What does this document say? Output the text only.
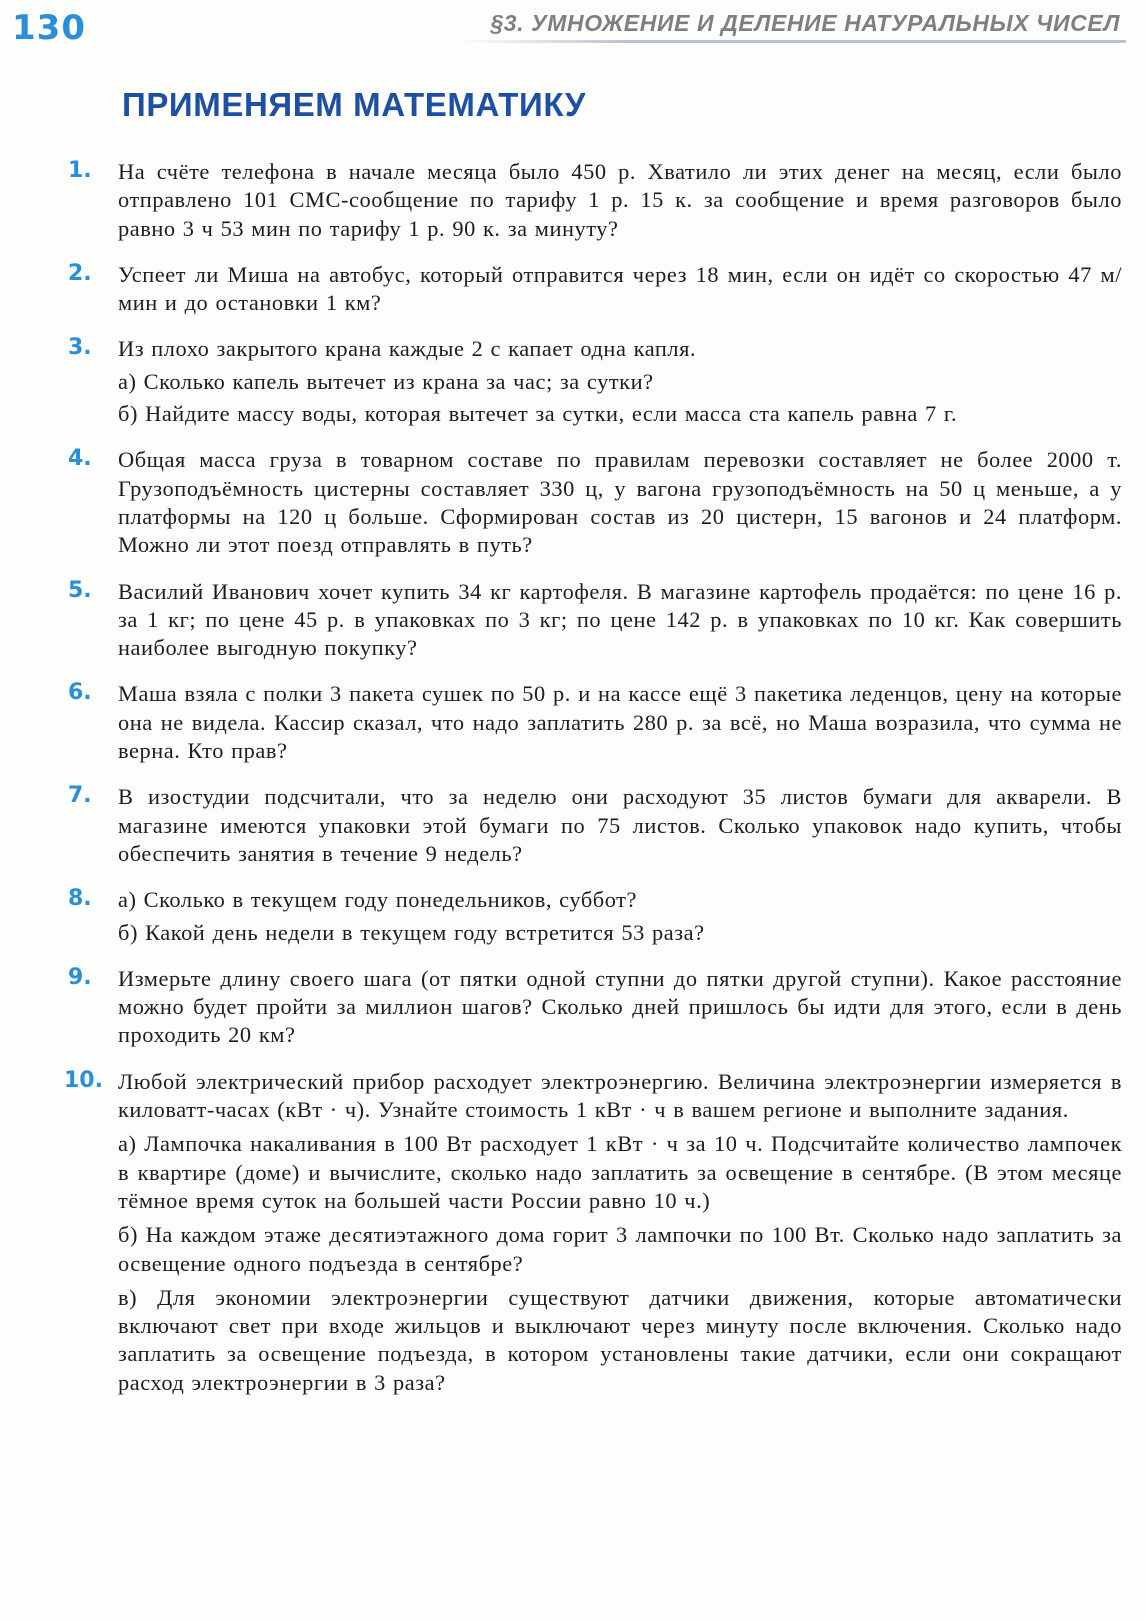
130	§3. УМНОЖЕНИЕ И ДЕЛЕНИЕ НАТУРАЛЬНЫХ ЧИСЕЛ
ПРИМЕНЯЕМ МАТЕМАТИКУ
1. На счёте телефона в начале месяца было 450 р. Хватило ли этих денег на месяц, если было отправлено 101 СМС-сообщение по тарифу 1 р. 15 к. за сообщение и время разговоров было равно 3 ч 53 мин по тарифу 1 р. 90 к. за минуту?

2. Успеет ли Миша на автобус, который отправится через 18 мин, если он идёт со скоростью 47 м/мин и до остановки 1 км?

3. Из плохо закрытого крана каждые 2 с капает одна капля.

а) Сколько капель вытечет из крана за час; за сутки?

б) Найдите массу воды, которая вытечет за сутки, если масса ста капель равна 7 г.

4. Общая масса груза в товарном составе по правилам перевозки составляет не более 2000 т. Грузоподъёмность цистерны составляет 330 ц, у вагона грузоподъёмность на 50 ц меньше, а у платформы на 120 ц больше. Сформирован состав из 20 цистерн, 15 вагонов и 24 платформ. Можно ли этот поезд отправлять в путь?

5. Василий Иванович хочет купить 34 кг картофеля. В магазине картофель продаётся: по цене 16 р. за 1 кг; по цене 45 р. в упаковках по 3 кг; по цене 142 р. в упаковках по 10 кг. Как совершить наиболее выгодную покупку?

6. Маша взяла с полки 3 пакета сушек по 50 р. и на кассе ещё 3 пакетика леденцов, цену на которые она не видела. Кассир сказал, что надо заплатить 280 р. за всё, но Маша возразила, что сумма не верна. Кто прав?

7. В изостудии подсчитали, что за неделю они расходуют 35 листов бумаги для акварели. В магазине имеются упаковки этой бумаги по 75 листов. Сколько упаковок надо купить, чтобы обеспечить занятия в течение 9 недель?

8. а) Сколько в текущем году понедельников, суббот?

б) Какой день недели в текущем году встретится 53 раза?

9. Измерьте длину своего шага (от пятки одной ступни до пятки другой ступни). Какое расстояние можно будет пройти за миллион шагов? Сколько дней пришлось бы идти для этого, если в день проходить 20 км?

10. Любой электрический прибор расходует электроэнергию. Величина электроэнергии измеряется в киловатт-часах (кВт · ч). Узнайте стоимость 1 кВт · ч в вашем регионе и выполните задания.

а) Лампочка накаливания в 100 Вт расходует 1 кВт · ч за 10 ч. Подсчитайте количество лампочек в квартире (доме) и вычислите, сколько надо заплатить за освещение в сентябре. (В этом месяце тёмное время суток на большей части России равно 10 ч.)

б) На каждом этаже десятиэтажного дома горит 3 лампочки по 100 Вт. Сколько надо заплатить за освещение одного подъезда в сентябре?

в) Для экономии электроэнергии существуют датчики движения, которые автоматически включают свет при входе жильцов и выключают через минуту после включения. Сколько надо заплатить за освещение подъезда, в котором установлены такие датчики, если они сокращают расход электроэнергии в 3 раза?
